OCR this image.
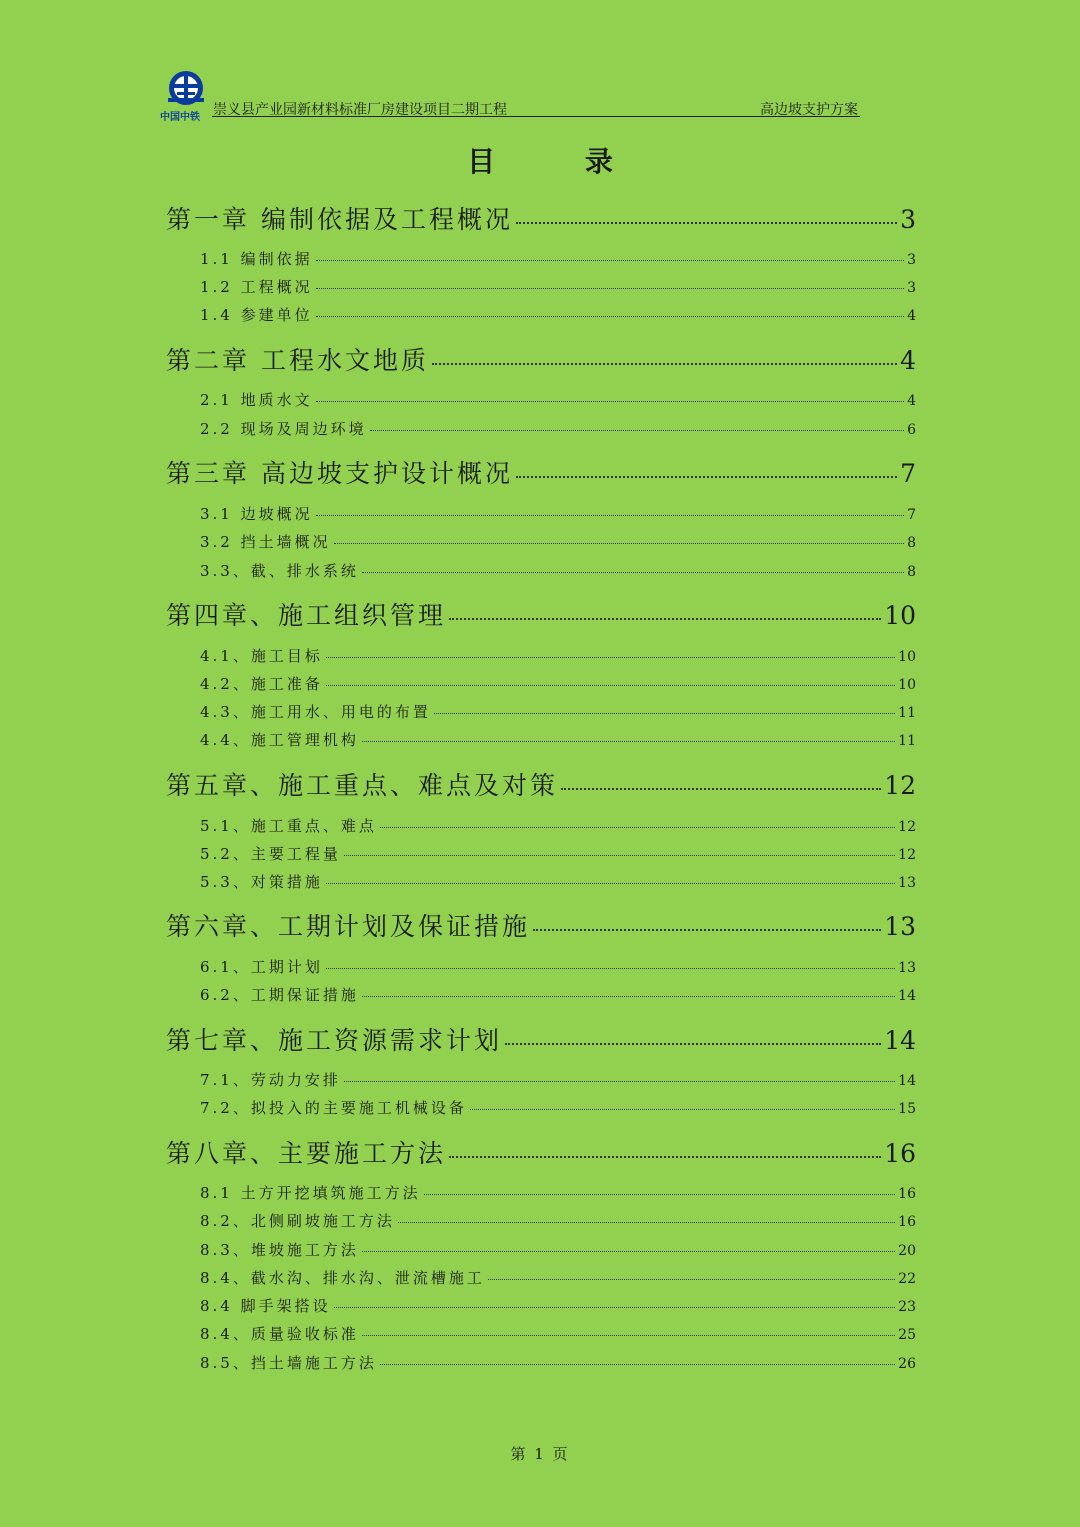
中国中铁 崇义县产业园新材料标准厂房建设项目二期工程	高边坡支护方案
目 录
第一章 编制依据及工程概况	3
1.1 编制依据	3
1.2 工程概况	3
1.4 参建单位	4
第二章 工程水文地质	4
2.1 地质水文	4
2.2 现场及周边环境	6
第三章 高边坡支护设计概况	7
3.1 边坡概况	7
3.2 挡土墙概况	8
3.3、截、排水系统	8
第四章、施工组织管理	10
4.1、施工目标	10
4.2、施工准备	10
4.3、施工用水、用电的布置	11
4.4、施工管理机构	11
第五章、施工重点、难点及对策	12
5.1、施工重点、难点	12
5.2、主要工程量	12
5.3、对策措施	13
第六章、工期计划及保证措施	13
6.1、工期计划	13
6.2、工期保证措施	14
第七章、施工资源需求计划	14
7.1、劳动力安排	14
7.2、拟投入的主要施工机械设备	15
第八章、主要施工方法	16
8.1 土方开挖填筑施工方法	16
8.2、北侧刷坡施工方法	16
8.3、堆坡施工方法	20
8.4、截水沟、排水沟、泄流槽施工	22
8.4 脚手架搭设	23
8.4、质量验收标准	25
8.5、挡土墙施工方法	26
第 1 页
